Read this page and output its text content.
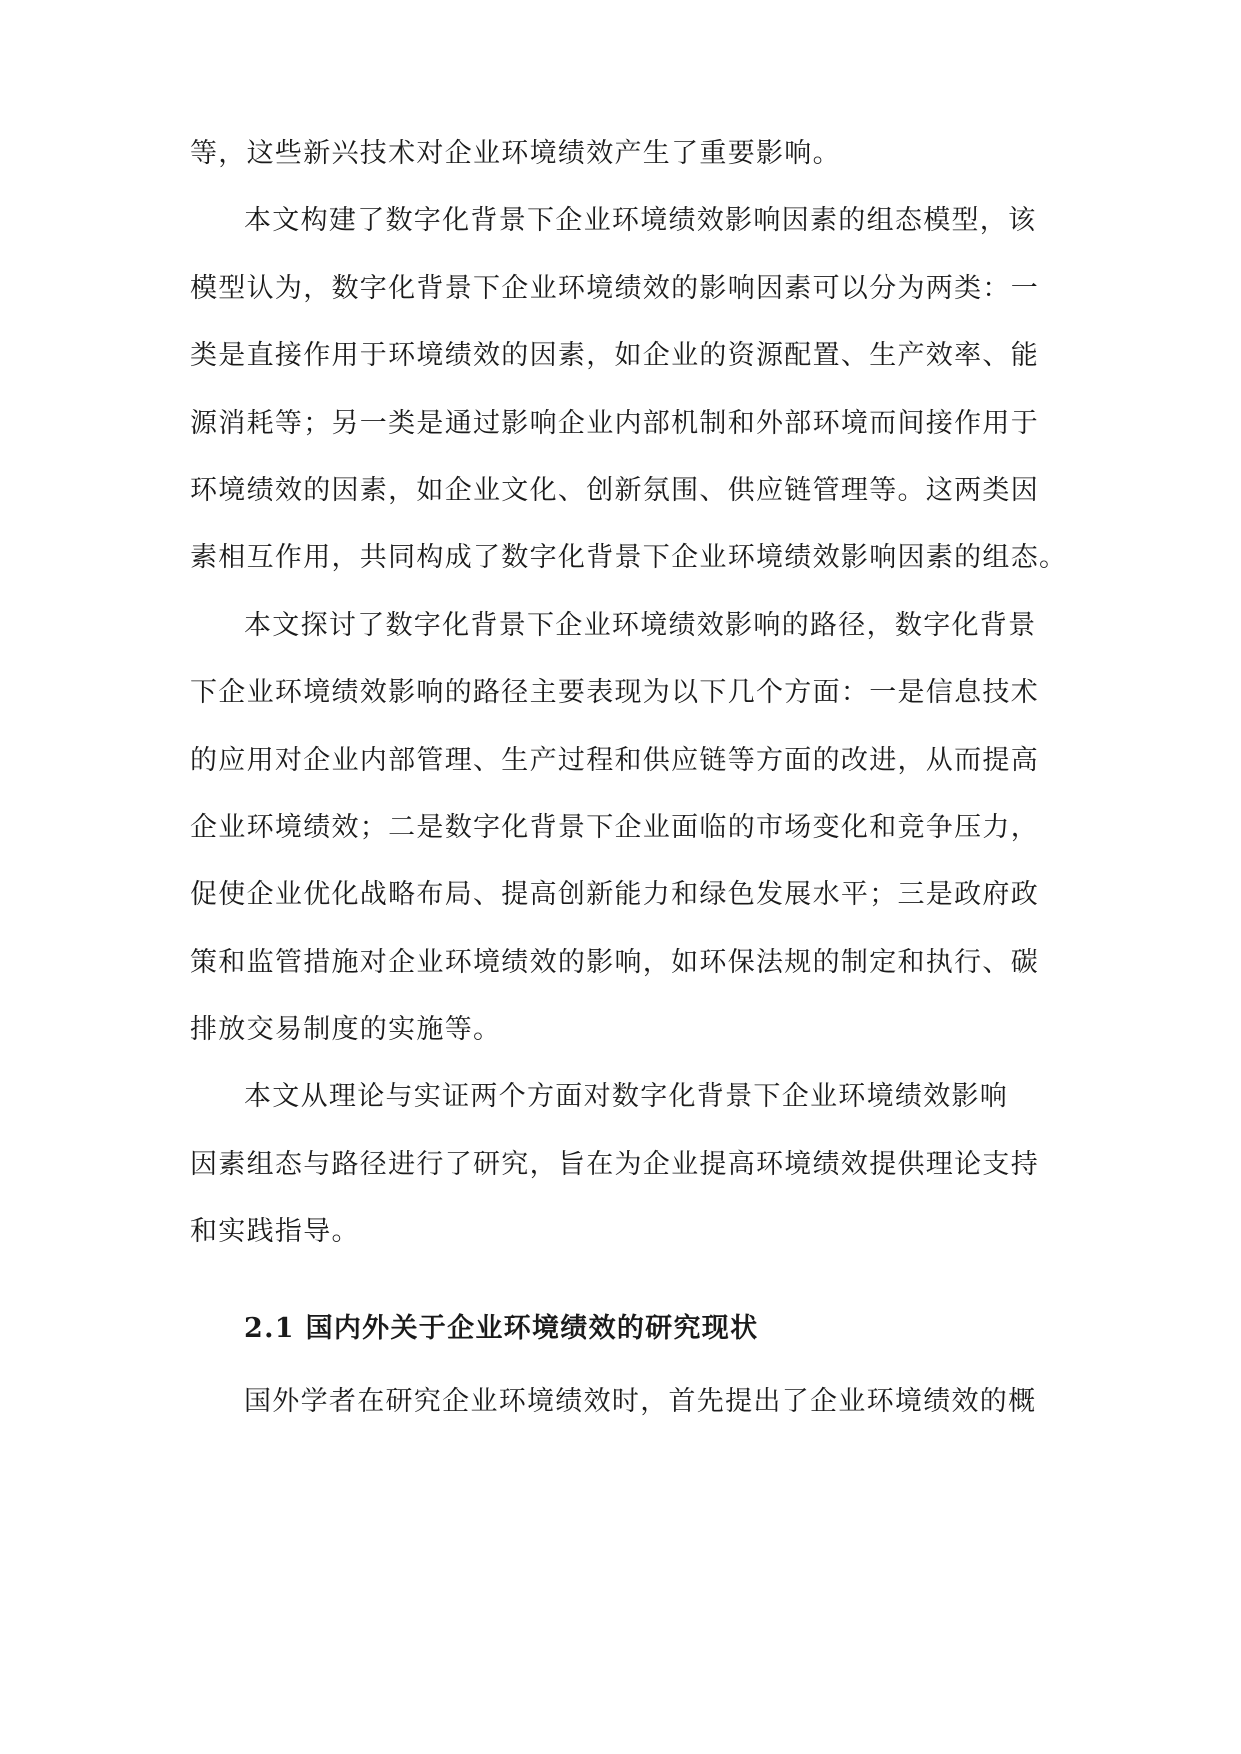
等，这些新兴技术对企业环境绩效产生了重要影响。
本文构建了数字化背景下企业环境绩效影响因素的组态模型，该
模型认为，数字化背景下企业环境绩效的影响因素可以分为两类：一
类是直接作用于环境绩效的因素，如企业的资源配置、生产效率、能
源消耗等；另一类是通过影响企业内部机制和外部环境而间接作用于
环境绩效的因素，如企业文化、创新氛围、供应链管理等。这两类因
素相互作用，共同构成了数字化背景下企业环境绩效影响因素的组态。
本文探讨了数字化背景下企业环境绩效影响的路径，数字化背景
下企业环境绩效影响的路径主要表现为以下几个方面：一是信息技术
的应用对企业内部管理、生产过程和供应链等方面的改进，从而提高
企业环境绩效；二是数字化背景下企业面临的市场变化和竞争压力，
促使企业优化战略布局、提高创新能力和绿色发展水平；三是政府政
策和监管措施对企业环境绩效的影响，如环保法规的制定和执行、碳
排放交易制度的实施等。
本文从理论与实证两个方面对数字化背景下企业环境绩效影响
因素组态与路径进行了研究，旨在为企业提高环境绩效提供理论支持
和实践指导。
2.1 国内外关于企业环境绩效的研究现状
国外学者在研究企业环境绩效时，首先提出了企业环境绩效的概
